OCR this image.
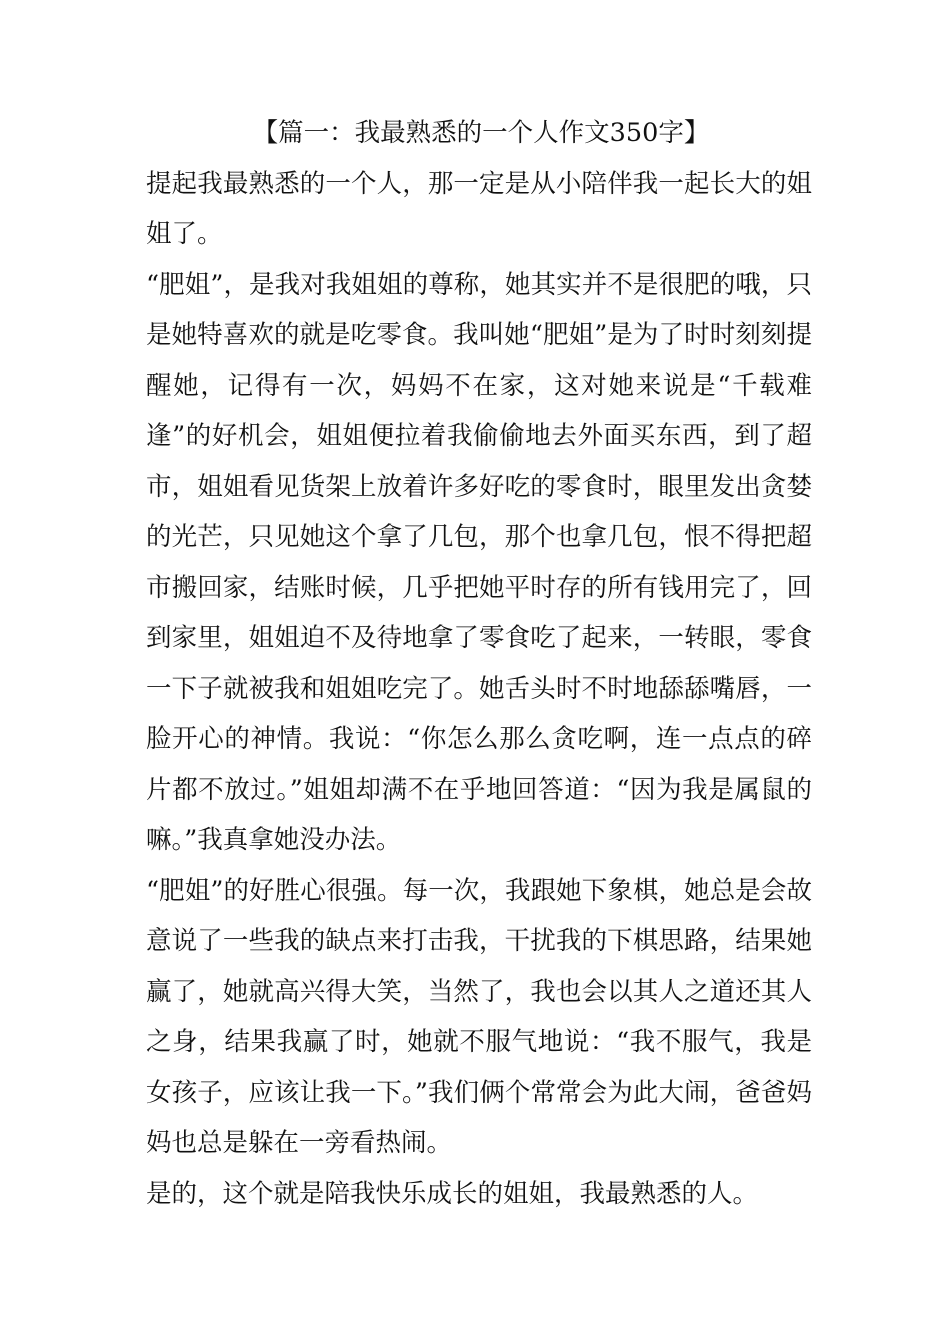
【篇一：我最熟悉的一个人作文350字】

提起我最熟悉的一个人，那一定是从小陪伴我一起长大的姐姐了。

“肥姐”，是我对我姐姐的尊称，她其实并不是很肥的哦，只是她特喜欢的就是吃零食。我叫她“肥姐”是为了时时刻刻提醒她，记得有一次，妈妈不在家，这对她来说是“千载难逢”的好机会，姐姐便拉着我偷偷地去外面买东西，到了超市，姐姐看见货架上放着许多好吃的零食时，眼里发出贪婪的光芒，只见她这个拿了几包，那个也拿几包，恨不得把超市搬回家，结账时候，几乎把她平时存的所有钱用完了，回到家里，姐姐迫不及待地拿了零食吃了起来，一转眼，零食一下子就被我和姐姐吃完了。她舌头时不时地舔舔嘴唇，一脸开心的神情。我说：“你怎么那么贪吃啊，连一点点的碎片都不放过。”姐姐却满不在乎地回答道：“因为我是属鼠的嘛。”我真拿她没办法。

“肥姐”的好胜心很强。每一次，我跟她下象棋，她总是会故意说了一些我的缺点来打击我，干扰我的下棋思路，结果她赢了，她就高兴得大笑，当然了，我也会以其人之道还其人之身，结果我赢了时，她就不服气地说：“我不服气，我是女孩子，应该让我一下。”我们俩个常常会为此大闹，爸爸妈妈也总是躲在一旁看热闹。

是的，这个就是陪我快乐成长的姐姐，我最熟悉的人。
